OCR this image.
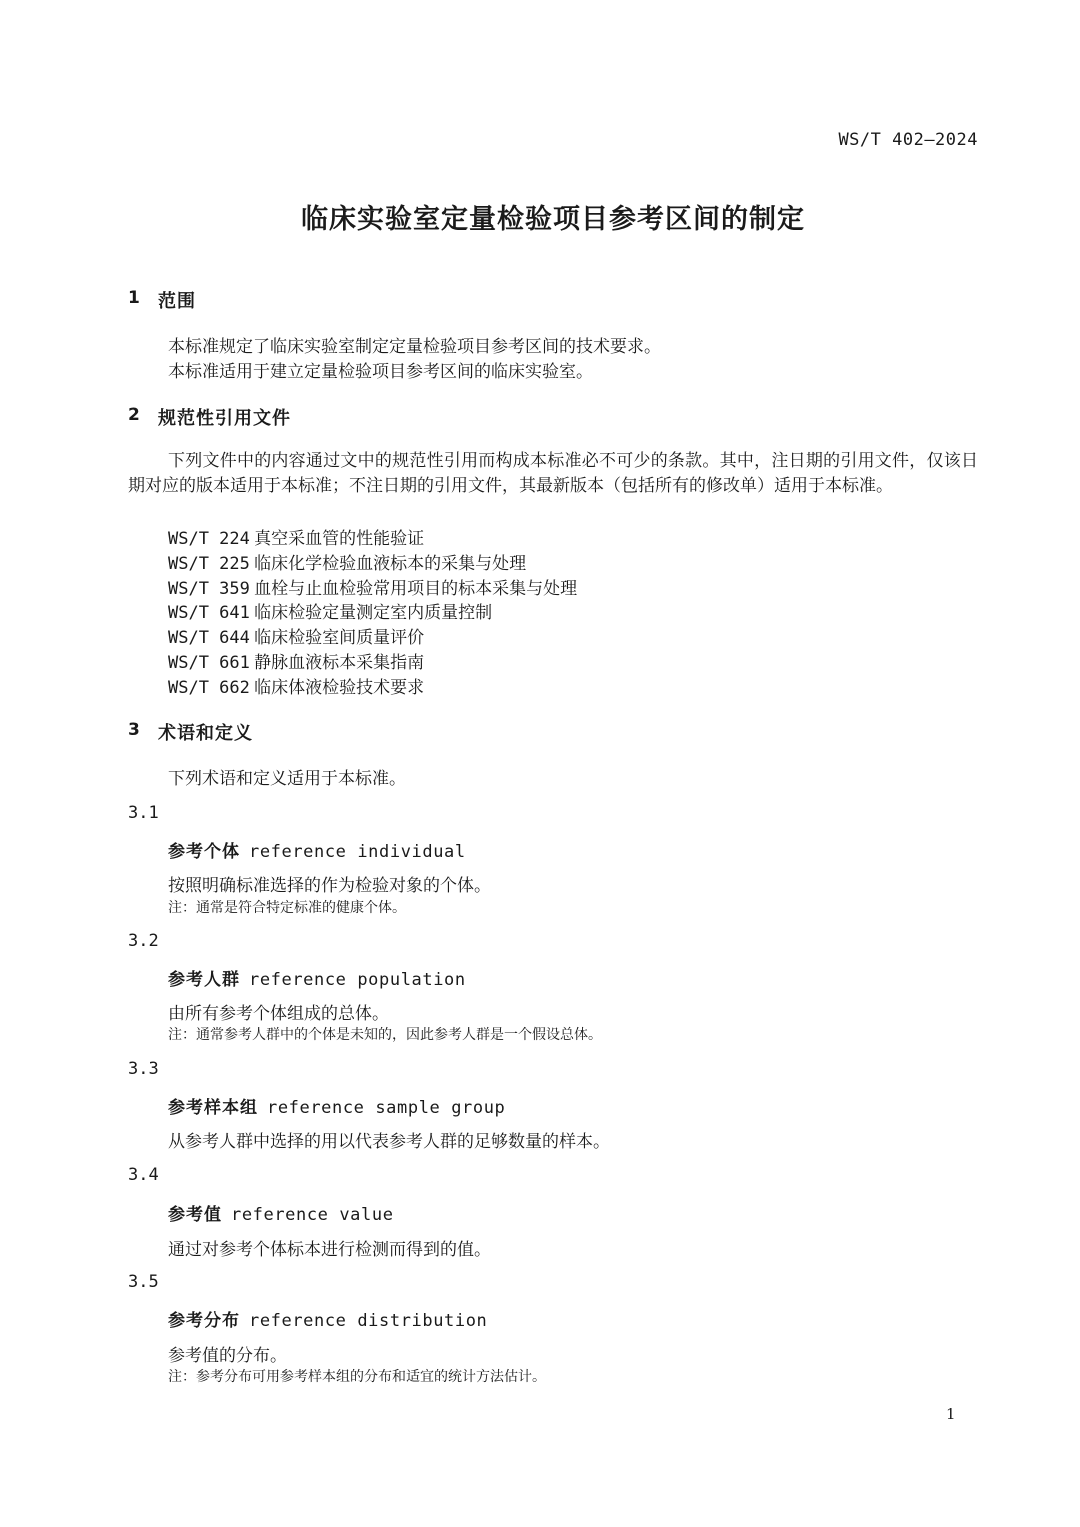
WS/T 402—2024
临床实验室定量检验项目参考区间的制定
1 范围
本标准规定了临床实验室制定定量检验项目参考区间的技术要求。
本标准适用于建立定量检验项目参考区间的临床实验室。
2 规范性引用文件
下列文件中的内容通过文中的规范性引用而构成本标准必不可少的条款。其中，注日期的引用文件，仅该日期对应的版本适用于本标准；不注日期的引用文件，其最新版本（包括所有的修改单）适用于本标准。
WS/T 224 真空采血管的性能验证
WS/T 225 临床化学检验血液标本的采集与处理
WS/T 359 血栓与止血检验常用项目的标本采集与处理
WS/T 641 临床检验定量测定室内质量控制
WS/T 644 临床检验室间质量评价
WS/T 661 静脉血液标本采集指南
WS/T 662 临床体液检验技术要求
3 术语和定义
下列术语和定义适用于本标准。
3.1
参考个体 reference individual
按照明确标准选择的作为检验对象的个体。
注：通常是符合特定标准的健康个体。
3.2
参考人群 reference population
由所有参考个体组成的总体。
注：通常参考人群中的个体是未知的，因此参考人群是一个假设总体。
3.3
参考样本组 reference sample group
从参考人群中选择的用以代表参考人群的足够数量的样本。
3.4
参考值 reference value
通过对参考个体标本进行检测而得到的值。
3.5
参考分布 reference distribution
参考值的分布。
注：参考分布可用参考样本组的分布和适宜的统计方法估计。
1
